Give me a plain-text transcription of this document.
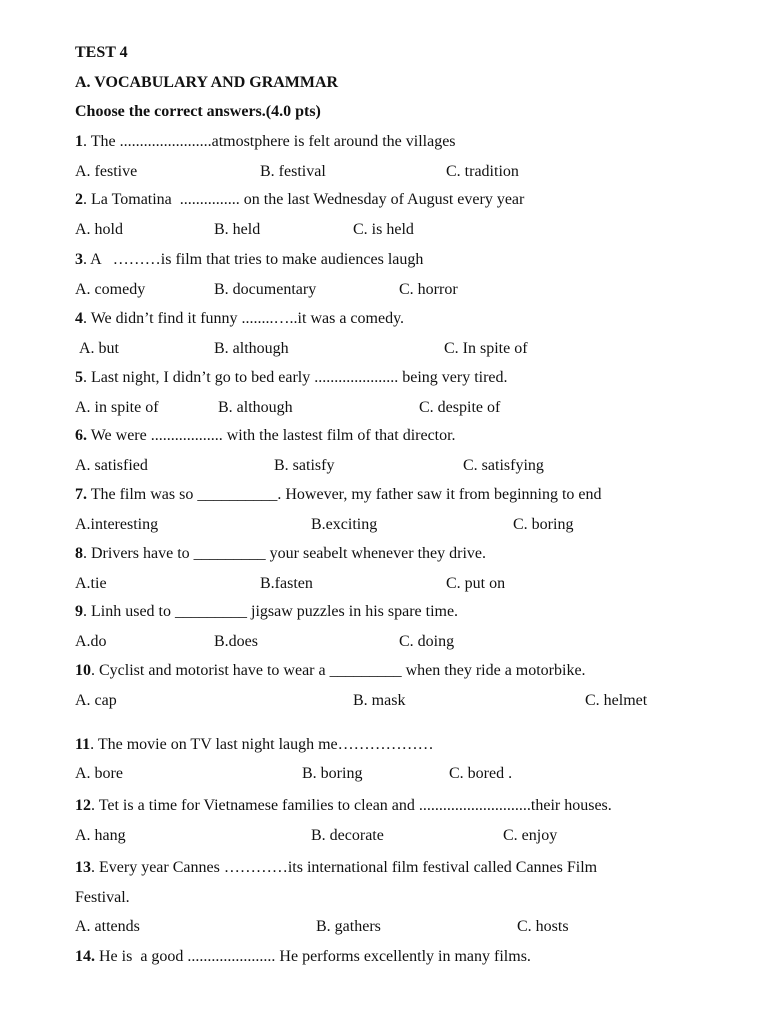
TEST 4
A. VOCABULARY AND GRAMMAR
Choose the correct answers.(4.0 pts)
1. The .......................atmostphere is felt around the villages
A. festive	B. festival	C. tradition
2. La Tomatina  ............... on the last Wednesday of August every year
A. hold	B. held	C. is held
3. A   ………is film that tries to make audiences laugh
A. comedy	B. documentary	C. horror
4. We didn’t find it funny ........…..it was a comedy.
A. but	B. although	C. In spite of
5. Last night, I didn’t go to bed early ..................... being very tired.
A. in spite of	B. although	C. despite of
6. We were .................. with the lastest film of that director.
A. satisfied	B. satisfy	C. satisfying
7. The film was so __________. However, my father saw it from beginning to end
A.interesting	B.exciting	C. boring
8. Drivers have to _________ your seabelt whenever they drive.
A.tie	B.fasten	C. put on
9. Linh used to _________ jigsaw puzzles in his spare time.
A.do	B.does	C. doing
10. Cyclist and motorist have to wear a _________ when they ride a motorbike.
A. cap	B. mask	C. helmet
11. The movie on TV last night laugh me………………
A. bore	B. boring	C. bored .
12. Tet is a time for Vietnamese families to clean and ............................their houses.
A. hang	B. decorate	C. enjoy
13. Every year Cannes …………its international film festival called Cannes Film
Festival.
A. attends	B. gathers	C. hosts
14. He is  a good ...................... He performs excellently in many films.
